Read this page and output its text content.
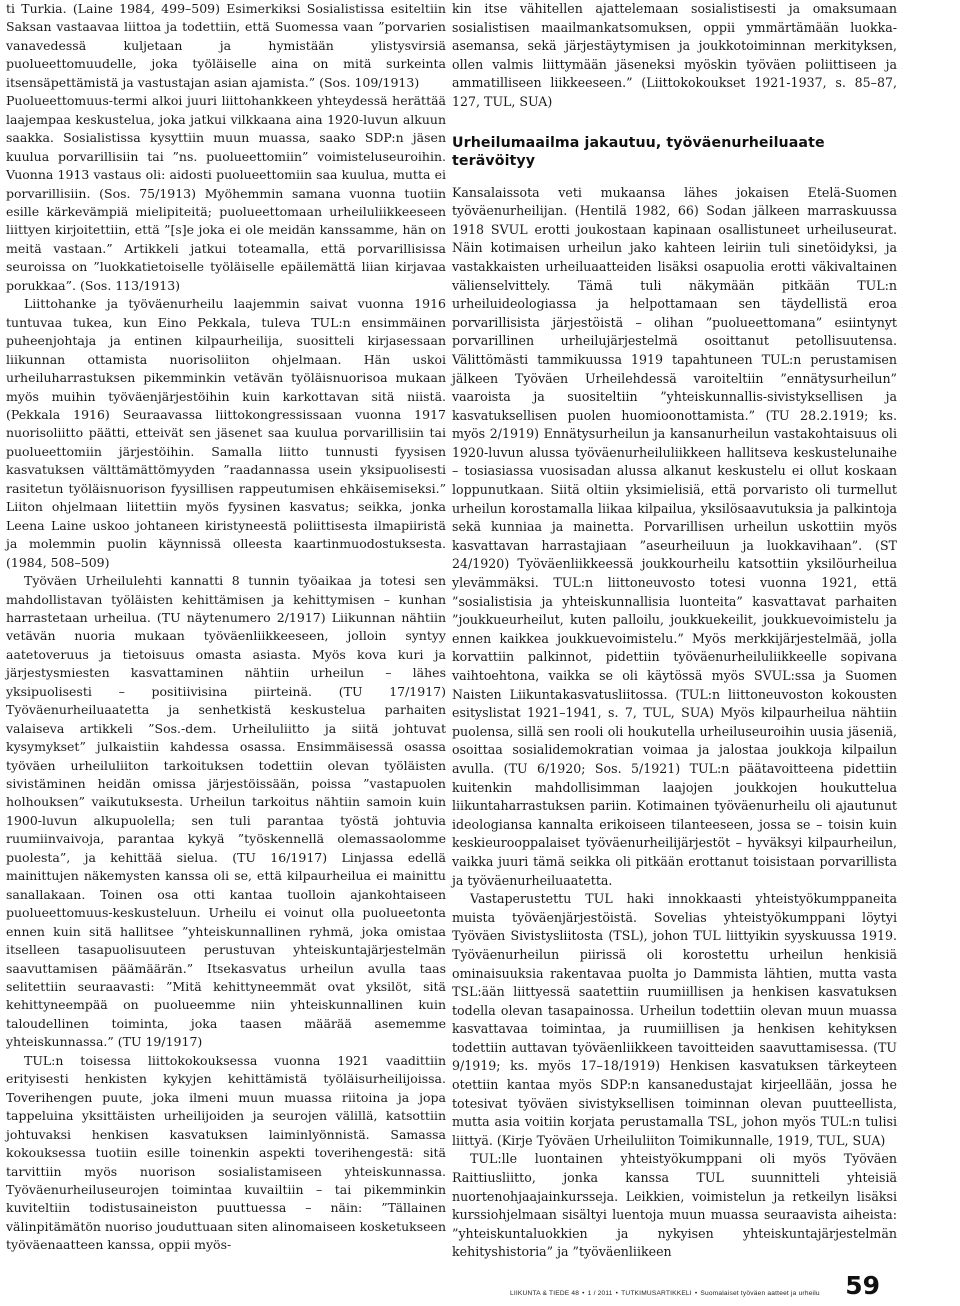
ti Turkia. (Laine 1984, 499–509) Esimerkiksi Sosialistissa esiteltiin Saksan vastaavaa liittoa ja todettiin, että Suomessa vaan ”porvarien vanavedessä kuljetaan ja hymistään ylistysvirsiä puolueettomuudelle, joka työläiselle aina on mitä surkeinta itsensäpettämistä ja vastustajan asian ajamista.” (Sos. 109/1913)

Puolueettomuus-termi alkoi juuri liittohankkeen yhteydessä herättää laajempaa keskustelua, joka jatkui vilkkaana aina 1920-luvun alkuun saakka. Sosialistissa kysyttiin muun muassa, saako SDP:n jäsen kuulua porvarillisiin tai ”ns. puolueettomiin” voimisteluseuroihin. Vuonna 1913 vastaus oli: aidosti puolueettomiin saa kuulua, mutta ei porvarillisiin. (Sos. 75/1913) Myöhemmin samana vuonna tuotiin esille kärkevämpiä mielipiteitä; puolueettomaan urheiluliikkeeseen liittyen kirjoitettiin, että ”[s]e joka ei ole meidän kanssamme, hän on meitä vastaan.” Artikkeli jatkui toteamalla, että porvarillisissa seuroissa on ”luokkatietoiselle työläiselle epäilemättä liian kirjavaa porukkaa”. (Sos. 113/1913)

Liittohanke ja työväenurheilu laajemmin saivat vuonna 1916 tuntuvaa tukea, kun Eino Pekkala, tuleva TUL:n ensimmäinen puheenjohtaja ja entinen kilpaurheilija, suositteli kirjasessaan liikunnan ottamista nuorisoliiton ohjelmaan. Hän uskoi urheiluharrastuksen pikemminkin vetävän työläisnuorisoa mukaan myös muihin työväenjärjestöihin kuin karkottavan sitä niistä. (Pekkala 1916) Seuraavassa liittokongressissaan vuonna 1917 nuorisoliitto päätti, etteivät sen jäsenet saa kuulua porvarillisiin tai puolueettomiin järjestöihin. Samalla liitto tunnusti fyysisen kasvatuksen välttämättömyyden ”raadannassa usein yksipuolisesti rasitetun työläisnuorison fyysillisen rappeutumisen ehkäisemiseksi.” Liiton ohjelmaan liitettiin myös fyysinen kasvatus; seikka, jonka Leena Laine uskoo johtaneen kiristyneestä poliittisesta ilmapiiristä ja molemmin puolin käynnissä olleesta kaartinmuodostuksesta. (1984, 508–509)

Työväen Urheilulehti kannatti 8 tunnin työaikaa ja totesi sen mahdollistavan työläisten kehittämisen ja kehittymisen – kunhan harrastetaan urheilua. (TU näytenumero 2/1917) Liikunnan nähtiin vetävän nuoria mukaan työväenliikkeeseen, jolloin syntyy aatetoveruus ja tietoisuus omasta asiasta. Myös kova kuri ja järjestysmiesten kasvattaminen nähtiin urheilun – lähes yksipuolisesti – positiivisina piirteinä. (TU 17/1917) Työväenurheiluaatetta ja senhetkistä keskustelua parhaiten valaiseva artikkeli ”Sos.-dem. Urheiluliitto ja siitä johtuvat kysymykset” julkaistiin kahdessa osassa. Ensimmäisessä osassa työväen urheiluliiton tarkoituksen todettiin olevan työläisten sivistäminen heidän omissa järjestöissään, poissa ”vastapuolen holhouksen” vaikutuksesta. Urheilun tarkoitus nähtiin samoin kuin 1900-luvun alkupuolella; sen tuli parantaa työstä johtuvia ruumiinvaivoja, parantaa kykyä ”työskennellä olemassaolomme puolesta”, ja kehittää sielua. (TU 16/1917) Linjassa edellä mainittujen näkemysten kanssa oli se, että kilpaurheilua ei mainittu sanallakaan. Toinen osa otti kantaa tuolloin ajankohtaiseen puolueettomuus-keskusteluun. Urheilu ei voinut olla puolueetonta ennen kuin sitä hallitsee ”yhteiskunnallinen ryhmä, joka omistaa itselleen tasapuolisuuteen perustuvan yhteiskuntajärjestelmän saavuttamisen päämäärän.” Itsekasvatus urheilun avulla taas selitettiin seuraavasti: ”Mitä kehittyneemmät ovat yksilöt, sitä kehittyneempää on puolueemme niin yhteiskunnallinen kuin taloudellinen toiminta, joka taasen määrää asememme yhteiskunnassa.” (TU 19/1917)

TUL:n toisessa liittokokouksessa vuonna 1921 vaadittiin erityisesti henkisten kykyjen kehittämistä työläisurheilijoissa. Toverihengen puute, joka ilmeni muun muassa riitoina ja jopa tappeluina yksittäisten urheilijoiden ja seurojen välillä, katsottiin johtuvaksi henkisen kasvatuksen laiminlyönnistä. Samassa kokouksessa tuotiin esille toinenkin aspekti toverihengestä: sitä tarvittiin myös nuorison sosialistamiseen yhteiskunnassa. Työväenurheiluseurojen toimintaa kuvailtiin – tai pikemminkin kuviteltiin todistusaineiston puuttuessa – näin: ”Tällainen välinpitämätön nuoriso jouduttuaan siten alinomaiseen kosketukseen työväenaatteen kanssa, oppii myös-

kin itse vähitellen ajattelemaan sosialistisesti ja omaksumaan sosialistisen maailmankatsomuksen, oppii ymmärtämään luokka-asemansa, sekä järjestäytymisen ja joukkotoiminnan merkityksen, ollen valmis liittymään jäseneksi myöskin työväen poliittiseen ja ammatilliseen liikkeeseen.” (Liittokokoukset 1921-1937, s. 85–87, 127, TUL, SUA)

Urheilumaailma jakautuu, työväenurheiluaate terävöityy

Kansalaissota veti mukaansa lähes jokaisen Etelä-Suomen työväenurheilijan. (Hentilä 1982, 66) Sodan jälkeen marraskuussa 1918 SVUL erotti joukostaan kapinaan osallistuneet urheiluseurat. Näin kotimaisen urheilun jako kahteen leiriin tuli sinetöidyksi, ja vastakkaisten urheiluaatteiden lisäksi osapuolia erotti väkivaltainen välienselvittely. Tämä tuli näkymään pitkään TUL:n urheiluideologiassa ja helpottamaan sen täydellistä eroa porvarillisista järjestöistä – olihan ”puolueettomana” esiintynyt porvarillinen urheilujärjestelmä osoittanut petollisuutensa. Välittömästi tammikuussa 1919 tapahtuneen TUL:n perustamisen jälkeen Työväen Urheilehdessä varoiteltiin ”ennätysurheilun” vaaroista ja suositeltiin ”yhteiskunnallis-sivistyksellisen ja kasvatuksellisen puolen huomioonottamista.” (TU 28.2.1919; ks. myös 2/1919) Ennätysurheilun ja kansanurheilun vastakohtaisuus oli 1920-luvun alussa työväenurheiluliikkeen hallitseva keskustelunaihe – tosiasiassa vuosisadan alussa alkanut keskustelu ei ollut koskaan loppunutkaan. Siitä oltiin yksimielisiä, että porvaristo oli turmellut urheilun korostamalla liikaa kilpailua, yksilösaavutuksia ja palkintoja sekä kunniaa ja mainetta. Porvarillisen urheilun uskottiin myös kasvattavan harrastajiaan ”aseurheiluun ja luokkavihaan”. (ST 24/1920) Työväenliikkeessä joukkourheilu katsottiin yksilöurheilua ylevämmäksi. TUL:n liittoneuvosto totesi vuonna 1921, että ”sosialistisia ja yhteiskunnallisia luonteita” kasvattavat parhaiten ”joukkueurheilut, kuten palloilu, joukkuekeilit, joukkuevoimistelu ja ennen kaikkea joukkuevoimistelu.” Myös merkkijärjestelmää, jolla korvattiin palkinnot, pidettiin työväenurheiluliikkeelle sopivana vaihtoehtona, vaikka se oli käytössä myös SVUL:ssa ja Suomen Naisten Liikuntakasvatusliitossa. (TUL:n liittoneuvoston kokousten esityslistat 1921–1941, s. 7, TUL, SUA) Myös kilpaurheilua nähtiin puolensa, sillä sen rooli oli houkutella urheiluseuroihin uusia jäseniä, osoittaa sosialidemokratian voimaa ja jalostaa joukkoja kilpailun avulla. (TU 6/1920; Sos. 5/1921) TUL:n päätavoitteena pidettiin kuitenkin mahdollisimman laajojen joukkojen houkuttelua liikuntaharrastuksen pariin. Kotimainen työväenurheilu oli ajautunut ideologiansa kannalta erikoiseen tilanteeseen, jossa se – toisin kuin keskieurooppalaiset työväenurheilijärjestöt – hyväksyi kilpaurheilun, vaikka juuri tämä seikka oli pitkään erottanut toisistaan porvarillista ja työväenurheiluaatetta.

Vastaperustettu TUL haki innokkaasti yhteistyökumppaneita muista työväenjärjestöistä. Sovelias yhteistyökumppani löytyi Työväen Sivistysliitosta (TSL), johon TUL liittyikin syyskuussa 1919. Työväenurheilun piirissä oli korostettu urheilun henkisiä ominaisuuksia rakentavaa puolta jo Dammista lähtien, mutta vasta TSL:ään liittyessä saatettiin ruumiillisen ja henkisen kasvatuksen todella olevan tasapainossa. Urheilun todettiin olevan muun muassa kasvattavaa toimintaa, ja ruumiillisen ja henkisen kehityksen todettiin auttavan työväenliikkeen tavoitteiden saavuttamisessa. (TU 9/1919; ks. myös 17–18/1919) Henkisen kasvatuksen tärkeyteen otettiin kantaa myös SDP:n kansanedustajat kirjeellään, jossa he totesivat työväen sivistyksellisen toiminnan olevan puutteellista, mutta asia voitiin korjata perustamalla TSL, johon myös TUL:n tulisi liittyä. (Kirje Työväen Urheiluliiton Toimikunnalle, 1919, TUL, SUA)

TUL:lle luontainen yhteistyökumppani oli myös Työväen Raittiusliitto, jonka kanssa TUL suunnitteli yhteisiä nuortenohjaajainkursseja. Leikkien, voimistelun ja retkeilyn lisäksi kurssiohjelmaan sisältyi luentoja muun muassa seuraavista aiheista: ”yhteiskuntaluokkien ja nykyisen yhteiskuntajärjestelmän kehityshistoria” ja ”työväenliikeen

LIIKUNTA & TIEDE 48 • 1 / 2011 • TUTKIMUSARTIKKELI • Suomalaiset työväen aatteet ja urheilu 59
